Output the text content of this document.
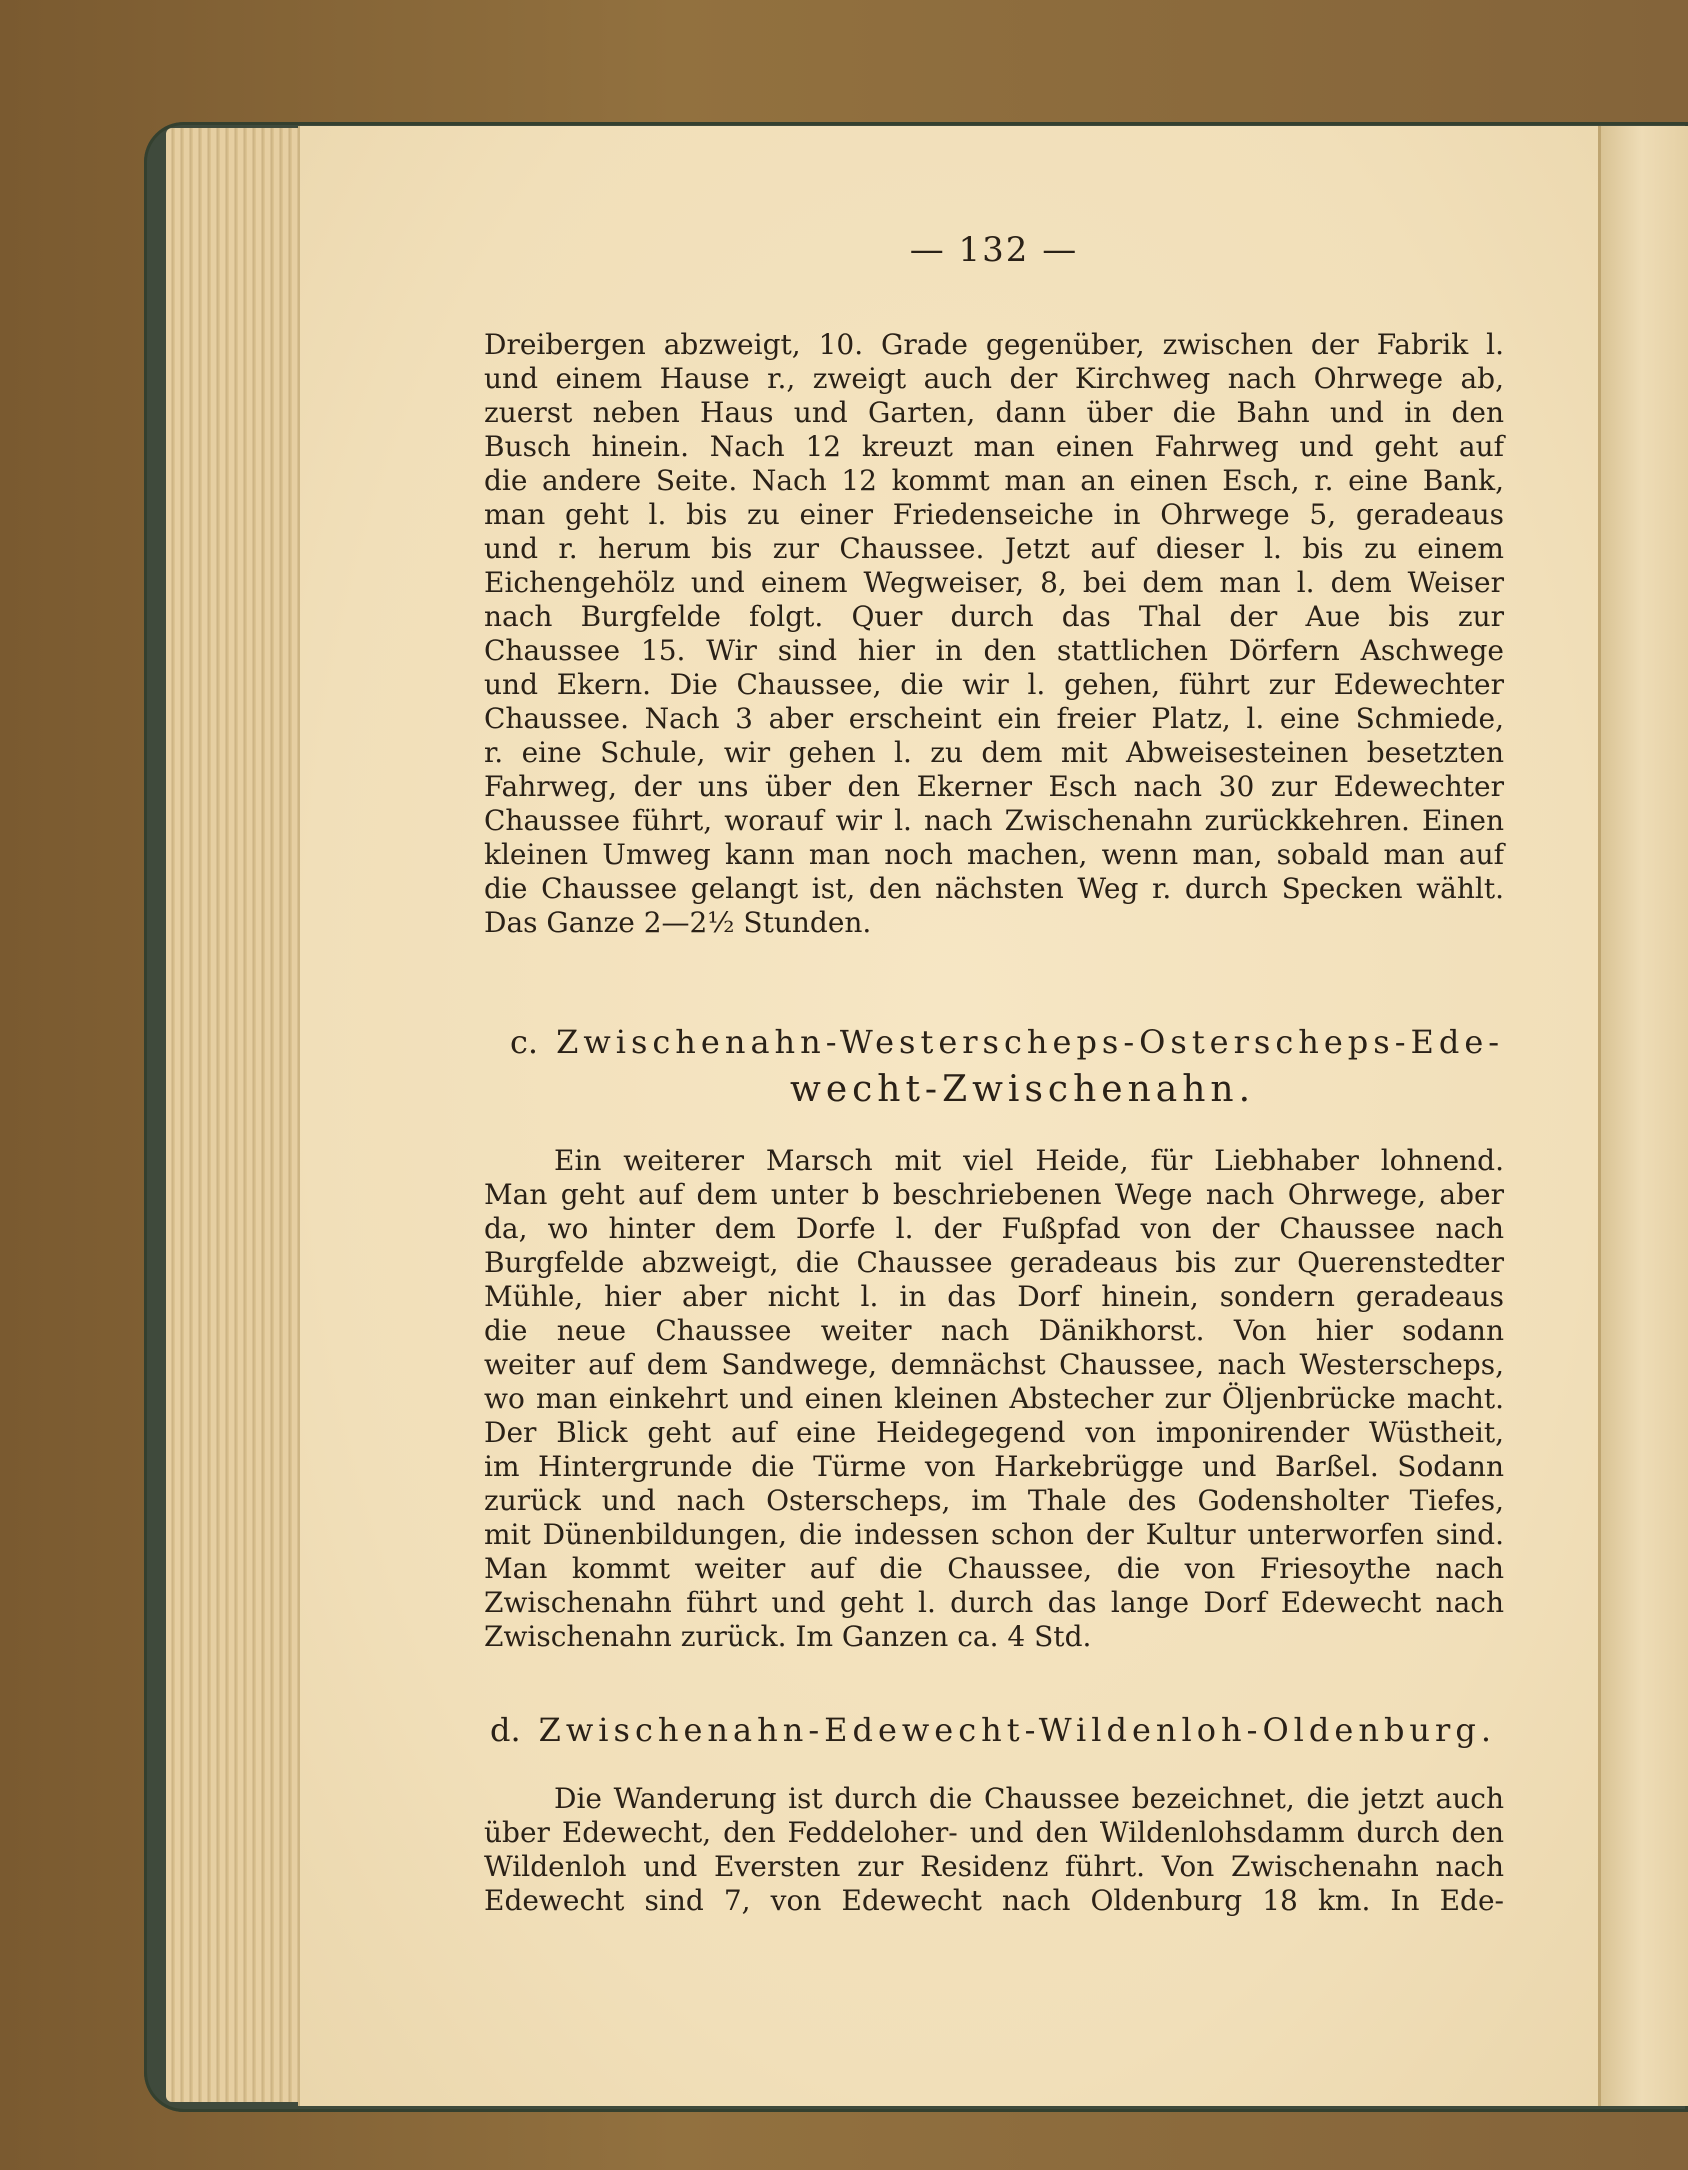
— 132 —
Dreibergen abzweigt, 10. Grade gegenüber, zwischen der Fabrik l.
und einem Hause r., zweigt auch der Kirchweg nach Ohrwege ab,
zuerst neben Haus und Garten, dann über die Bahn und in den
Busch hinein. Nach 12 kreuzt man einen Fahrweg und geht auf
die andere Seite. Nach 12 kommt man an einen Esch, r. eine Bank,
man geht l. bis zu einer Friedenseiche in Ohrwege 5, geradeaus
und r. herum bis zur Chaussee. Jetzt auf dieser l. bis zu einem
Eichengehölz und einem Wegweiser, 8, bei dem man l. dem Weiser
nach Burgfelde folgt. Quer durch das Thal der Aue bis zur
Chaussee 15. Wir sind hier in den stattlichen Dörfern Aschwege
und Ekern. Die Chaussee, die wir l. gehen, führt zur Edewechter
Chaussee. Nach 3 aber erscheint ein freier Platz, l. eine Schmiede,
r. eine Schule, wir gehen l. zu dem mit Abweisesteinen besetzten
Fahrweg, der uns über den Ekerner Esch nach 30 zur Edewechter
Chaussee führt, worauf wir l. nach Zwischenahn zurückkehren. Einen
kleinen Umweg kann man noch machen, wenn man, sobald man auf
die Chaussee gelangt ist, den nächsten Weg r. durch Specken wählt.
Das Ganze 2—2½ Stunden.
c. Zwischenahn-Westerscheps-Osterscheps-Ede-
wecht-Zwischenahn.
Ein weiterer Marsch mit viel Heide, für Liebhaber lohnend.
Man geht auf dem unter b beschriebenen Wege nach Ohrwege, aber
da, wo hinter dem Dorfe l. der Fußpfad von der Chaussee nach
Burgfelde abzweigt, die Chaussee geradeaus bis zur Querenstedter
Mühle, hier aber nicht l. in das Dorf hinein, sondern geradeaus
die neue Chaussee weiter nach Dänikhorst. Von hier sodann
weiter auf dem Sandwege, demnächst Chaussee, nach Westerscheps,
wo man einkehrt und einen kleinen Abstecher zur Öljenbrücke macht.
Der Blick geht auf eine Heidegegend von imponirender Wüstheit,
im Hintergrunde die Türme von Harkebrügge und Barßel. Sodann
zurück und nach Osterscheps, im Thale des Godensholter Tiefes,
mit Dünenbildungen, die indessen schon der Kultur unterworfen sind.
Man kommt weiter auf die Chaussee, die von Friesoythe nach
Zwischenahn führt und geht l. durch das lange Dorf Edewecht nach
Zwischenahn zurück. Im Ganzen ca. 4 Std.
d. Zwischenahn-Edewecht-Wildenloh-Oldenburg.
Die Wanderung ist durch die Chaussee bezeichnet, die jetzt auch
über Edewecht, den Feddeloher- und den Wildenlohsdamm durch den
Wildenloh und Eversten zur Residenz führt. Von Zwischenahn nach
Edewecht sind 7, von Edewecht nach Oldenburg 18 km. In Ede-
